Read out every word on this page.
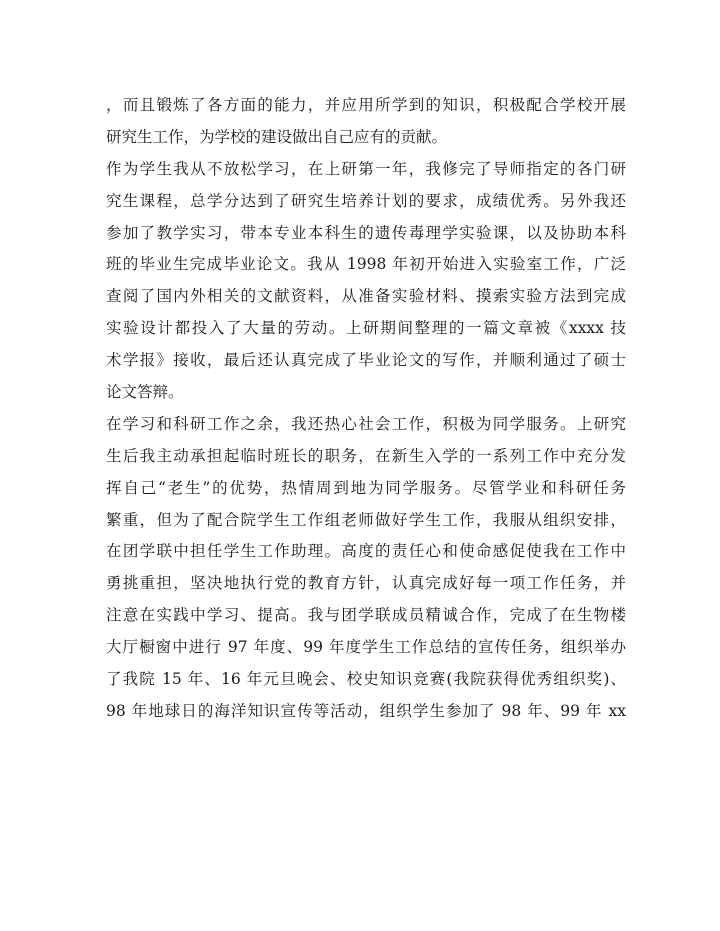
，而且锻炼了各方面的能力，并应用所学到的知识，积极配合学校开展
研究生工作，为学校的建设做出自己应有的贡献。
作为学生我从不放松学习，在上研第一年，我修完了导师指定的各门研
究生课程，总学分达到了研究生培养计划的要求，成绩优秀。另外我还
参加了教学实习，带本专业本科生的遗传毒理学实验课，以及协助本科
班的毕业生完成毕业论文。我从 1998 年初开始进入实验室工作，广泛
查阅了国内外相关的文献资料，从准备实验材料、摸索实验方法到完成
实验设计都投入了大量的劳动。上研期间整理的一篇文章被《xxxx 技
术学报》接收，最后还认真完成了毕业论文的写作，并顺利通过了硕士
论文答辩。
在学习和科研工作之余，我还热心社会工作，积极为同学服务。上研究
生后我主动承担起临时班长的职务，在新生入学的一系列工作中充分发
挥自己“老生”的优势，热情周到地为同学服务。尽管学业和科研任务
繁重，但为了配合院学生工作组老师做好学生工作，我服从组织安排，
在团学联中担任学生工作助理。高度的责任心和使命感促使我在工作中
勇挑重担，坚决地执行党的教育方针，认真完成好每一项工作任务，并
注意在实践中学习、提高。我与团学联成员精诚合作，完成了在生物楼
大厅橱窗中进行 97 年度、99 年度学生工作总结的宣传任务，组织举办
了我院 15 年、16 年元旦晚会、校史知识竞赛(我院获得优秀组织奖)、
98 年地球日的海洋知识宣传等活动，组织学生参加了 98 年、99 年 xx
